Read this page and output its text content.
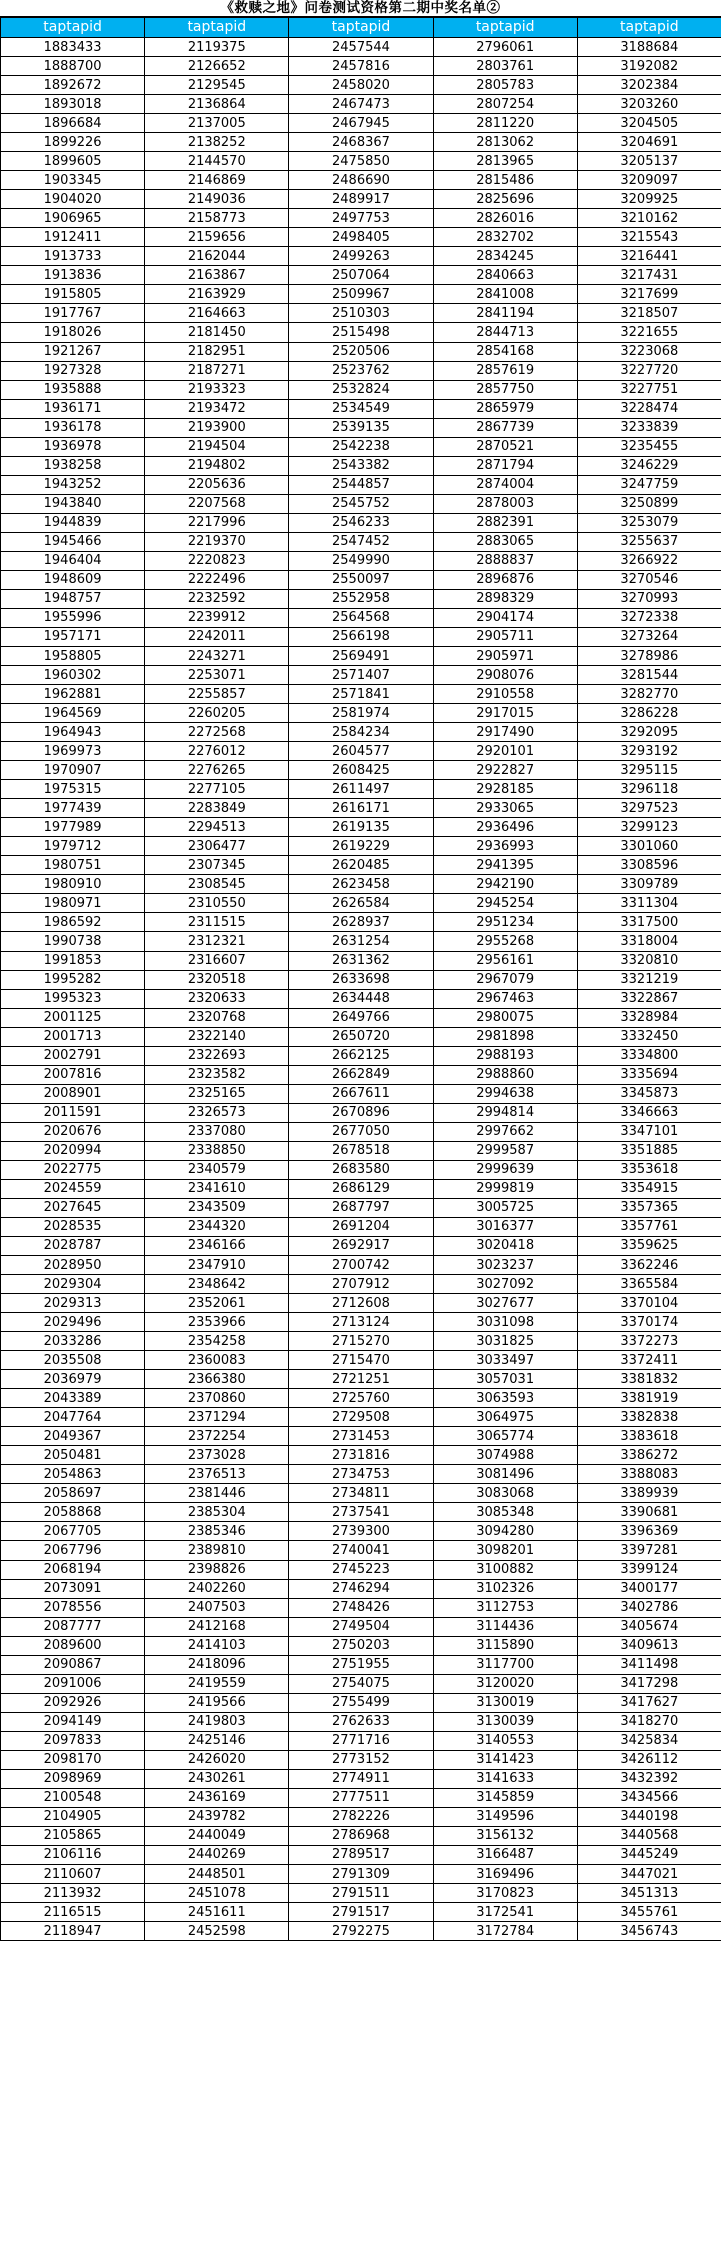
《救赎之地》问卷测试资格第二期中奖名单②
taptapid	taptapid	taptapid	taptapid	taptapid
1883433	2119375	2457544	2796061	3188684
1888700	2126652	2457816	2803761	3192082
1892672	2129545	2458020	2805783	3202384
1893018	2136864	2467473	2807254	3203260
1896684	2137005	2467945	2811220	3204505
1899226	2138252	2468367	2813062	3204691
1899605	2144570	2475850	2813965	3205137
1903345	2146869	2486690	2815486	3209097
1904020	2149036	2489917	2825696	3209925
1906965	2158773	2497753	2826016	3210162
1912411	2159656	2498405	2832702	3215543
1913733	2162044	2499263	2834245	3216441
1913836	2163867	2507064	2840663	3217431
1915805	2163929	2509967	2841008	3217699
1917767	2164663	2510303	2841194	3218507
1918026	2181450	2515498	2844713	3221655
1921267	2182951	2520506	2854168	3223068
1927328	2187271	2523762	2857619	3227720
1935888	2193323	2532824	2857750	3227751
1936171	2193472	2534549	2865979	3228474
1936178	2193900	2539135	2867739	3233839
1936978	2194504	2542238	2870521	3235455
1938258	2194802	2543382	2871794	3246229
1943252	2205636	2544857	2874004	3247759
1943840	2207568	2545752	2878003	3250899
1944839	2217996	2546233	2882391	3253079
1945466	2219370	2547452	2883065	3255637
1946404	2220823	2549990	2888837	3266922
1948609	2222496	2550097	2896876	3270546
1948757	2232592	2552958	2898329	3270993
1955996	2239912	2564568	2904174	3272338
1957171	2242011	2566198	2905711	3273264
1958805	2243271	2569491	2905971	3278986
1960302	2253071	2571407	2908076	3281544
1962881	2255857	2571841	2910558	3282770
1964569	2260205	2581974	2917015	3286228
1964943	2272568	2584234	2917490	3292095
1969973	2276012	2604577	2920101	3293192
1970907	2276265	2608425	2922827	3295115
1975315	2277105	2611497	2928185	3296118
1977439	2283849	2616171	2933065	3297523
1977989	2294513	2619135	2936496	3299123
1979712	2306477	2619229	2936993	3301060
1980751	2307345	2620485	2941395	3308596
1980910	2308545	2623458	2942190	3309789
1980971	2310550	2626584	2945254	3311304
1986592	2311515	2628937	2951234	3317500
1990738	2312321	2631254	2955268	3318004
1991853	2316607	2631362	2956161	3320810
1995282	2320518	2633698	2967079	3321219
1995323	2320633	2634448	2967463	3322867
2001125	2320768	2649766	2980075	3328984
2001713	2322140	2650720	2981898	3332450
2002791	2322693	2662125	2988193	3334800
2007816	2323582	2662849	2988860	3335694
2008901	2325165	2667611	2994638	3345873
2011591	2326573	2670896	2994814	3346663
2020676	2337080	2677050	2997662	3347101
2020994	2338850	2678518	2999587	3351885
2022775	2340579	2683580	2999639	3353618
2024559	2341610	2686129	2999819	3354915
2027645	2343509	2687797	3005725	3357365
2028535	2344320	2691204	3016377	3357761
2028787	2346166	2692917	3020418	3359625
2028950	2347910	2700742	3023237	3362246
2029304	2348642	2707912	3027092	3365584
2029313	2352061	2712608	3027677	3370104
2029496	2353966	2713124	3031098	3370174
2033286	2354258	2715270	3031825	3372273
2035508	2360083	2715470	3033497	3372411
2036979	2366380	2721251	3057031	3381832
2043389	2370860	2725760	3063593	3381919
2047764	2371294	2729508	3064975	3382838
2049367	2372254	2731453	3065774	3383618
2050481	2373028	2731816	3074988	3386272
2054863	2376513	2734753	3081496	3388083
2058697	2381446	2734811	3083068	3389939
2058868	2385304	2737541	3085348	3390681
2067705	2385346	2739300	3094280	3396369
2067796	2389810	2740041	3098201	3397281
2068194	2398826	2745223	3100882	3399124
2073091	2402260	2746294	3102326	3400177
2078556	2407503	2748426	3112753	3402786
2087777	2412168	2749504	3114436	3405674
2089600	2414103	2750203	3115890	3409613
2090867	2418096	2751955	3117700	3411498
2091006	2419559	2754075	3120020	3417298
2092926	2419566	2755499	3130019	3417627
2094149	2419803	2762633	3130039	3418270
2097833	2425146	2771716	3140553	3425834
2098170	2426020	2773152	3141423	3426112
2098969	2430261	2774911	3141633	3432392
2100548	2436169	2777511	3145859	3434566
2104905	2439782	2782226	3149596	3440198
2105865	2440049	2786968	3156132	3440568
2106116	2440269	2789517	3166487	3445249
2110607	2448501	2791309	3169496	3447021
2113932	2451078	2791511	3170823	3451313
2116515	2451611	2791517	3172541	3455761
2118947	2452598	2792275	3172784	3456743
